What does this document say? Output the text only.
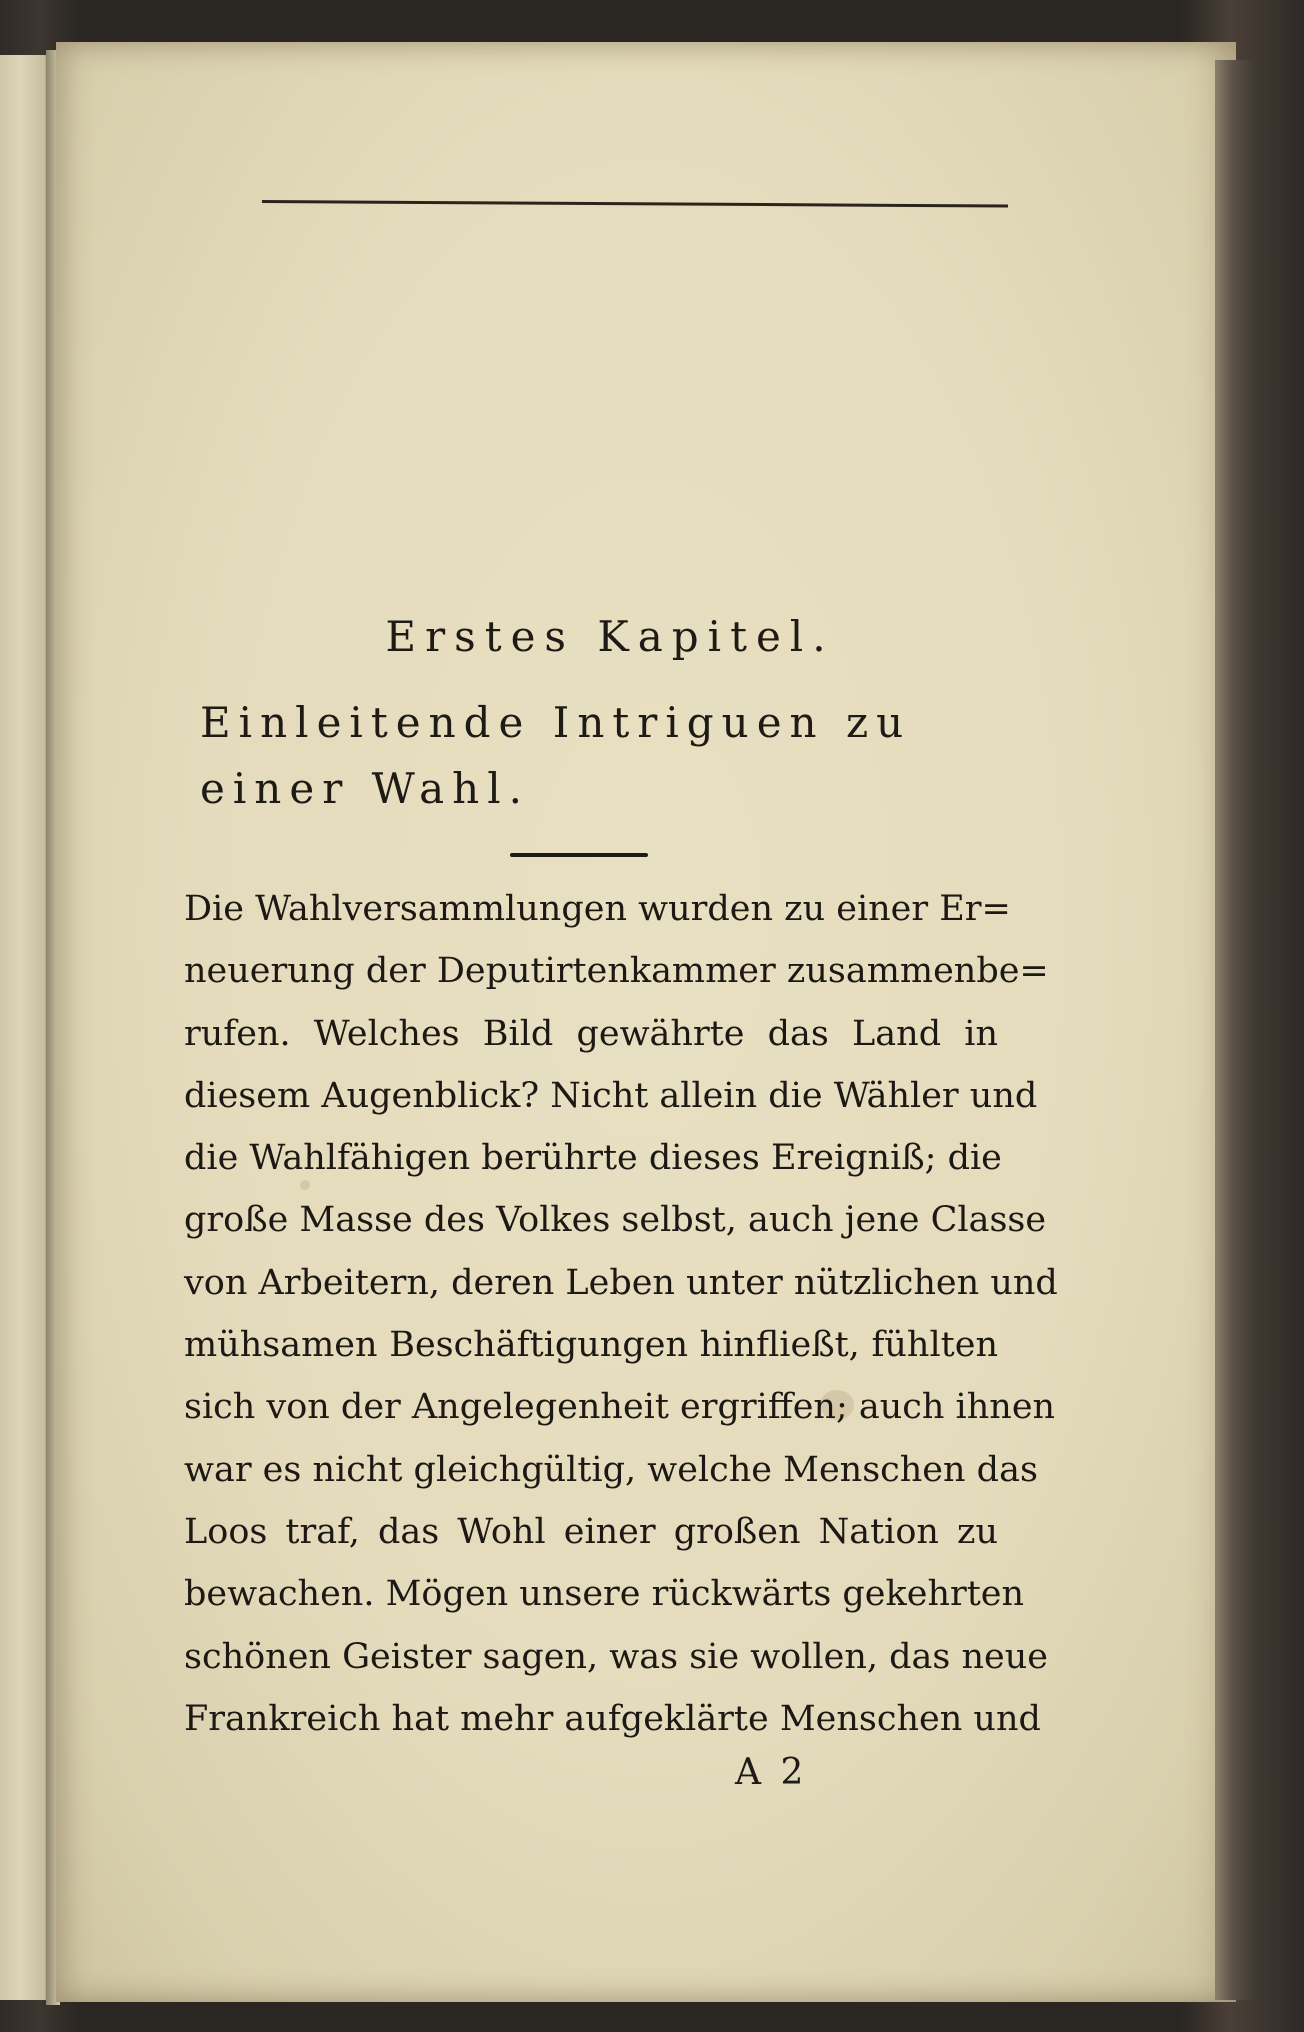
Erstes Kapitel.
Einleitende Intriguen zu einer Wahl.
Die Wahlversammlungen wurden zu einer Er=
neuerung der Deputirtenkammer zusammenbe=
rufen. Welches Bild gewährte das Land in
diesem Augenblick? Nicht allein die Wähler und
die Wahlfähigen berührte dieses Ereigniß; die
große Masse des Volkes selbst, auch jene Classe
von Arbeitern, deren Leben unter nützlichen und
mühsamen Beschäftigungen hinfließt, fühlten
sich von der Angelegenheit ergriffen; auch ihnen
war es nicht gleichgültig, welche Menschen das
Loos traf, das Wohl einer großen Nation zu
bewachen. Mögen unsere rückwärts gekehrten
schönen Geister sagen, was sie wollen, das neue
Frankreich hat mehr aufgeklärte Menschen und
A 2
